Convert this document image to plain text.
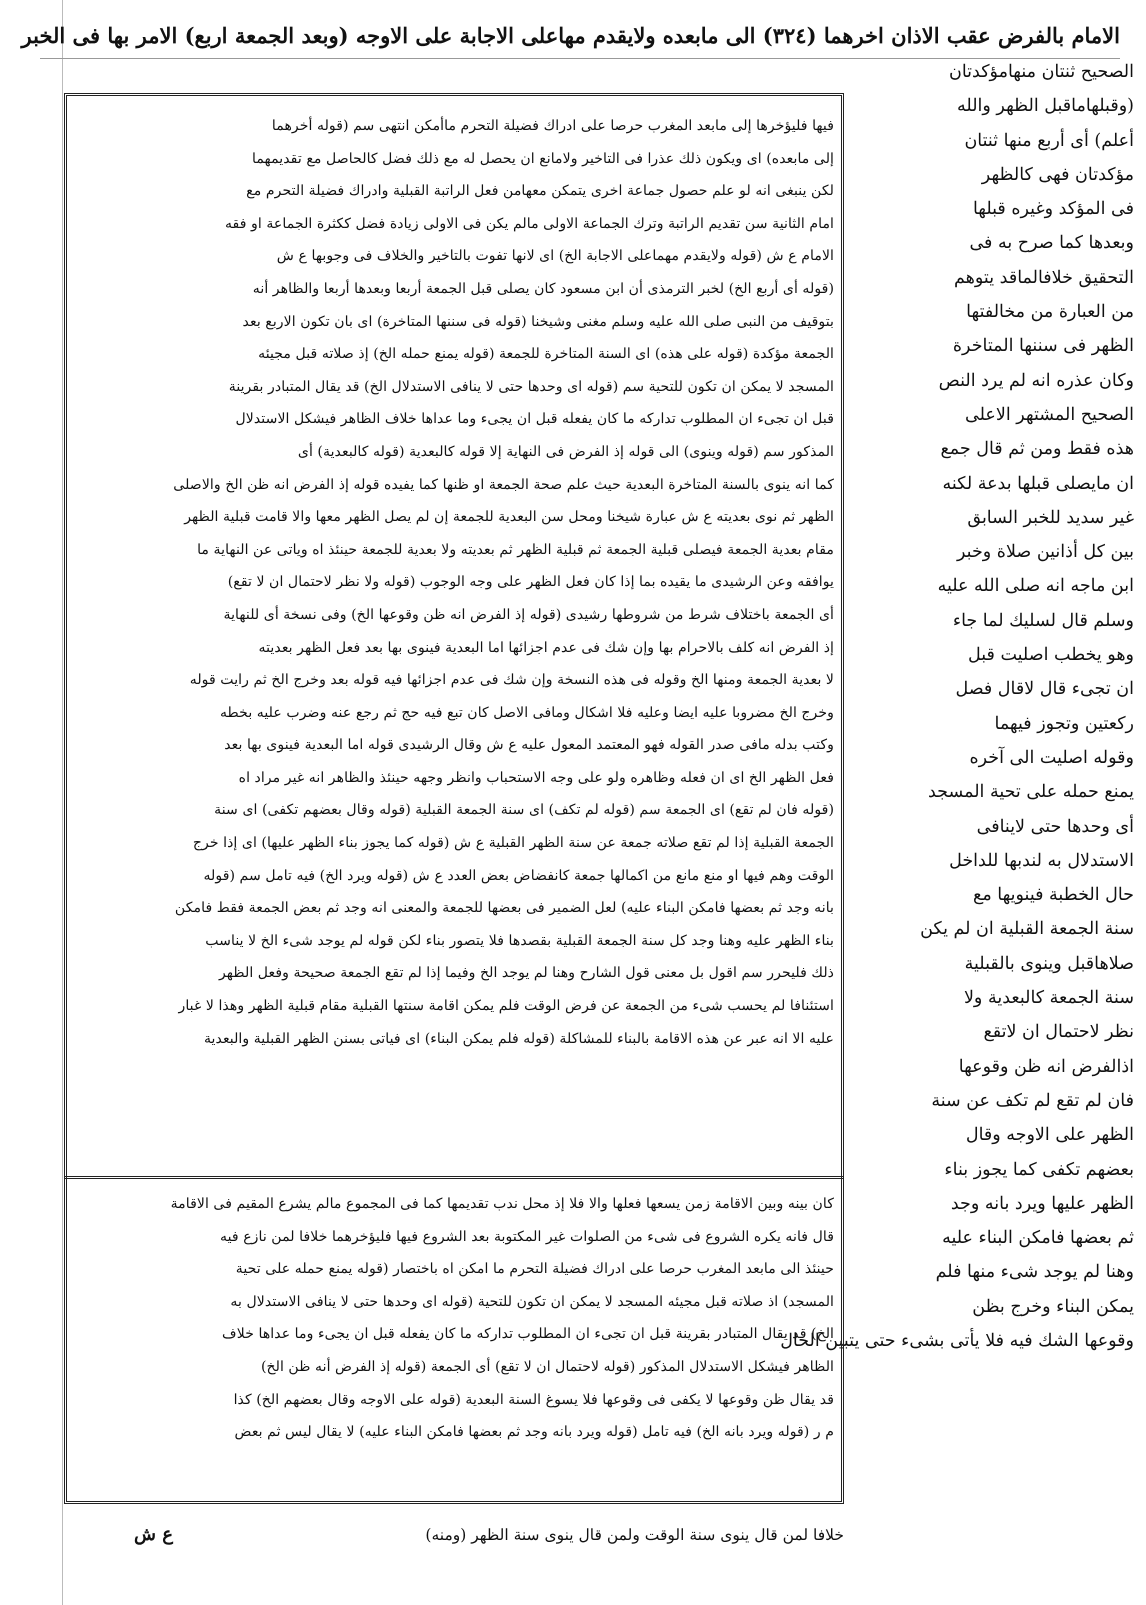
الامام بالفرض عقب الاذان اخرهما (٣٢٤) الى مابعده ولايقدم مهاعلى الاجابة على الاوجه (وبعد الجمعة اربع) الامر بها فى الخبر
الصحيح ثنتان منهامؤكدتان
(وقبلهاماقبل الظهر والله
أعلم) أى أربع منها ثنتان
مؤكدتان فهى كالظهر
فى المؤكد وغيره قبلها
وبعدها كما صرح به فى
التحقيق خلافالماقد يتوهم
من العبارة من مخالفتها
الظهر فى سننها المتاخرة
وكان عذره انه لم يرد النص
الصحيح المشتهر الاعلى
هذه فقط ومن ثم قال جمع
ان مايصلى قبلها بدعة لكنه
غير سديد للخبر السابق
بين كل أذانين صلاة وخبر
ابن ماجه انه صلى الله عليه
وسلم قال لسليك لما جاء
وهو يخطب اصليت قبل
ان تجىء قال لاقال فصل
ركعتين وتجوز فيهما
وقوله اصليت الى آخره
يمنع حمله على تحية المسجد
أى وحدها حتى لاينافى
الاستدلال به لندبها للداخل
حال الخطبة فينويها مع
سنة الجمعة القبلية ان لم يكن
صلاهاقبل وينوى بالقبلية
سنة الجمعة كالبعدية ولا
نظر لاحتمال ان لاتقع
اذالفرض انه ظن وقوعها
فان لم تقع لم تكف عن سنة
الظهر على الاوجه وقال
بعضهم تكفى كما يجوز بناء
الظهر عليها ويرد بانه وجد
ثم بعضها فامكن البناء عليه
وهنا لم يوجد شىء منها فلم
يمكن البناء وخرج بظن
وقوعها الشك فيه فلا يأتى بشىء حتى يتبين الحال
فيها فليؤخرها إلى مابعد المغرب حرصا على ادراك فضيلة التحرم ماأمكن انتهى سم (قوله أخرهما
إلى مابعده) اى ويكون ذلك عذرا فى التاخير ولامانع ان يحصل له مع ذلك فضل كالحاصل مع تقديمهما
لكن ينبغى انه لو علم حصول جماعة اخرى يتمكن معهامن فعل الراتبة القبلية وادراك فضيلة التحرم مع
امام الثانية سن تقديم الراتبة وترك الجماعة الاولى مالم يكن فى الاولى زيادة فضل ككثرة الجماعة او فقه
الامام ع ش (قوله ولايقدم مهماعلى الاجابة الخ) اى لانها تفوت بالتاخير والخلاف فى وجوبها ع ش
(قوله أى أربع الخ) لخبر الترمذى أن ابن مسعود كان يصلى قبل الجمعة أربعا وبعدها أربعا والظاهر أنه
بتوقيف من النبى صلى الله عليه وسلم مغنى وشيخنا (قوله فى سننها المتاخرة) اى بان تكون الاربع بعد
الجمعة مؤكدة (قوله على هذه) اى السنة المتاخرة للجمعة (قوله يمنع حمله الخ) إذ صلاته قبل مجيئه
المسجد لا يمكن ان تكون للتحية سم (قوله اى وحدها حتى لا ينافى الاستدلال الخ) قد يقال المتبادر بقرينة
قبل ان تجىء ان المطلوب تداركه ما كان يفعله قبل ان يجىء وما عداها خلاف الظاهر فيشكل الاستدلال
المذكور سم (قوله وينوى) الى قوله إذ الفرض فى النهاية إلا قوله كالبعدية (قوله كالبعدية) أى
كما انه ينوى بالسنة المتاخرة البعدية حيث علم صحة الجمعة او ظنها كما يفيده قوله إذ الفرض انه ظن الخ والاصلى
الظهر ثم نوى بعديته ع ش عبارة شيخنا ومحل سن البعدية للجمعة إن لم يصل الظهر معها والا قامت قبلية الظهر
مقام بعدية الجمعة فيصلى قبلية الجمعة ثم قبلية الظهر ثم بعديته ولا بعدية للجمعة حينئذ اه وياتى عن النهاية ما
يوافقه وعن الرشيدى ما يقيده بما إذا كان فعل الظهر على وجه الوجوب (قوله ولا نظر لاحتمال ان لا تقع)
أى الجمعة باختلاف شرط من شروطها رشيدى (قوله إذ الفرض انه ظن وقوعها الخ) وفى نسخة أى للنهاية
إذ الفرض انه كلف بالاحرام بها وإن شك فى عدم اجزائها اما البعدية فينوى بها بعد فعل الظهر بعديته
لا بعدية الجمعة ومنها الخ وقوله فى هذه النسخة وإن شك فى عدم اجزائها فيه قوله بعد وخرج الخ ثم رايت قوله
وخرج الخ مضروبا عليه ايضا وعليه فلا اشكال ومافى الاصل كان تبع فيه حج ثم رجع عنه وضرب عليه بخطه
وكتب بدله مافى صدر القوله فهو المعتمد المعول عليه ع ش وقال الرشيدى قوله اما البعدية فينوى بها بعد
فعل الظهر الخ اى ان فعله وظاهره ولو على وجه الاستحباب وانظر وجهه حينئذ والظاهر انه غير مراد اه
(قوله فان لم تقع) اى الجمعة سم (قوله لم تكف) اى سنة الجمعة القبلية (قوله وقال بعضهم تكفى) اى سنة
الجمعة القبلية إذا لم تقع صلاته جمعة عن سنة الظهر القبلية ع ش (قوله كما يجوز بناء الظهر عليها) اى إذا خرج
الوقت وهم فيها او منع مانع من اكمالها جمعة كانفضاض بعض العدد ع ش (قوله ويرد الخ) فيه تامل سم (قوله
بانه وجد ثم بعضها فامكن البناء عليه) لعل الضمير فى بعضها للجمعة والمعنى انه وجد ثم بعض الجمعة فقط فامكن
بناء الظهر عليه وهنا وجد كل سنة الجمعة القبلية بقصدها فلا يتصور بناء لكن قوله لم يوجد شىء الخ لا يناسب
ذلك فليحرر سم اقول بل معنى قول الشارح وهنا لم يوجد الخ وفيما إذا لم تقع الجمعة صحيحة وفعل الظهر
استئنافا لم يحسب شىء من الجمعة عن فرض الوقت فلم يمكن اقامة سنتها القبلية مقام قبلية الظهر وهذا لا غبار
عليه الا انه عبر عن هذه الاقامة بالبناء للمشاكلة (قوله فلم يمكن البناء) اى فياتى بسنن الظهر القبلية والبعدية
كان بينه وبين الاقامة زمن يسعها فعلها والا فلا إذ محل ندب تقديمها كما فى المجموع مالم يشرع المقيم فى الاقامة
قال فانه يكره الشروع فى شىء من الصلوات غير المكتوبة بعد الشروع فيها فليؤخرهما خلافا لمن نازع فيه
حينئذ الى مابعد المغرب حرصا على ادراك فضيلة التحرم ما امكن اه باختصار (قوله يمنع حمله على تحية
المسجد) اذ صلاته قبل مجيئه المسجد لا يمكن ان تكون للتحية (قوله اى وحدها حتى لا ينافى الاستدلال به
الخ) قد يقال المتبادر بقرينة قبل ان تجىء ان المطلوب تداركه ما كان يفعله قبل ان يجىء وما عداها خلاف
الظاهر فيشكل الاستدلال المذكور (قوله لاحتمال ان لا تقع) أى الجمعة (قوله إذ الفرض أنه ظن الخ)
قد يقال ظن وقوعها لا يكفى فى وقوعها فلا يسوغ السنة البعدية (قوله على الاوجه وقال بعضهم الخ) كذا
م ر (قوله ويرد بانه الخ) فيه تامل (قوله ويرد بانه وجد ثم بعضها فامكن البناء عليه) لا يقال ليس ثم بعض
خلافا لمن قال ينوى سنة الوقت ولمن قال ينوى سنة الظهر (ومنه)
ع ش
